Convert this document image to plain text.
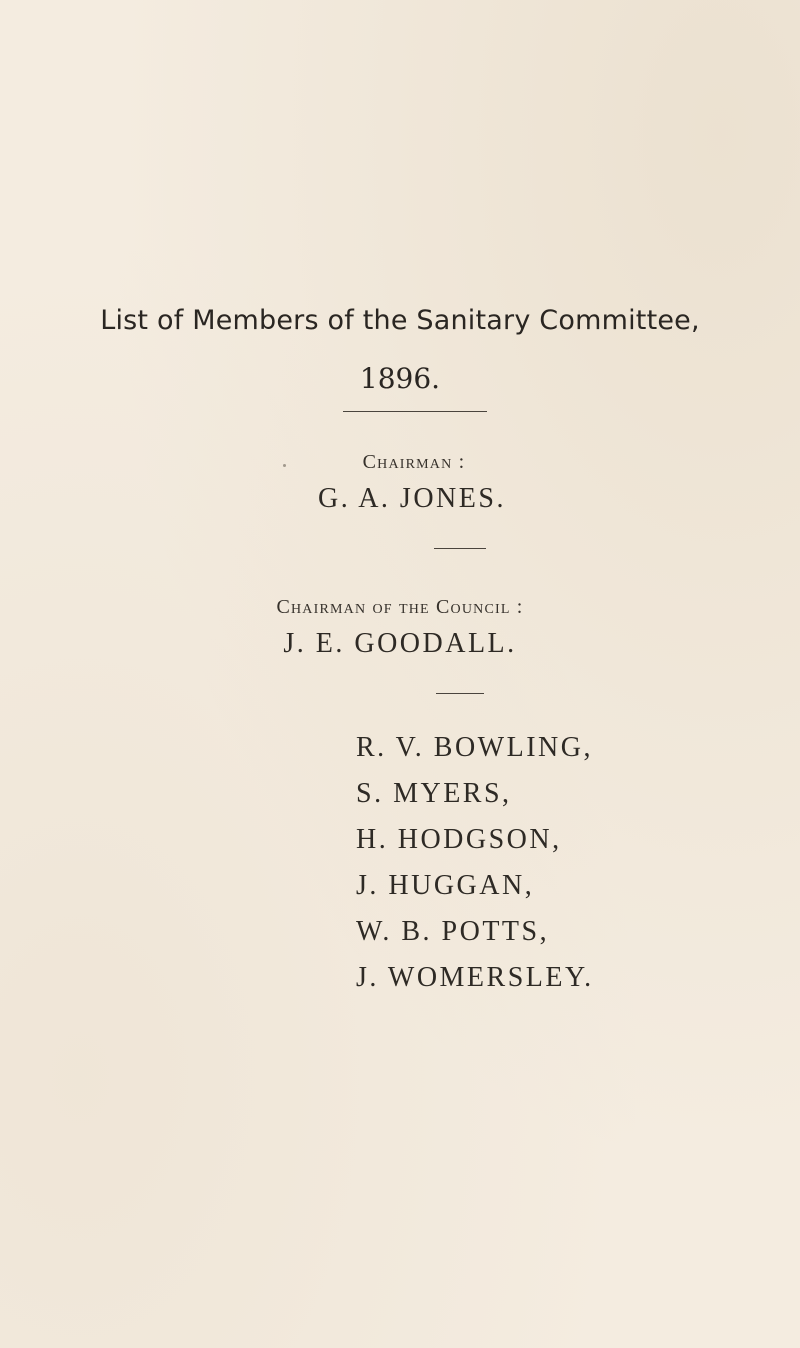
List of Members of the Sanitary Committee,
1896.
Chairman :
G. A. JONES.
Chairman of the Council :
J. E. GOODALL.
R. V. BOWLING,
S. MYERS,
H. HODGSON,
J. HUGGAN,
W. B. POTTS,
J. WOMERSLEY.
